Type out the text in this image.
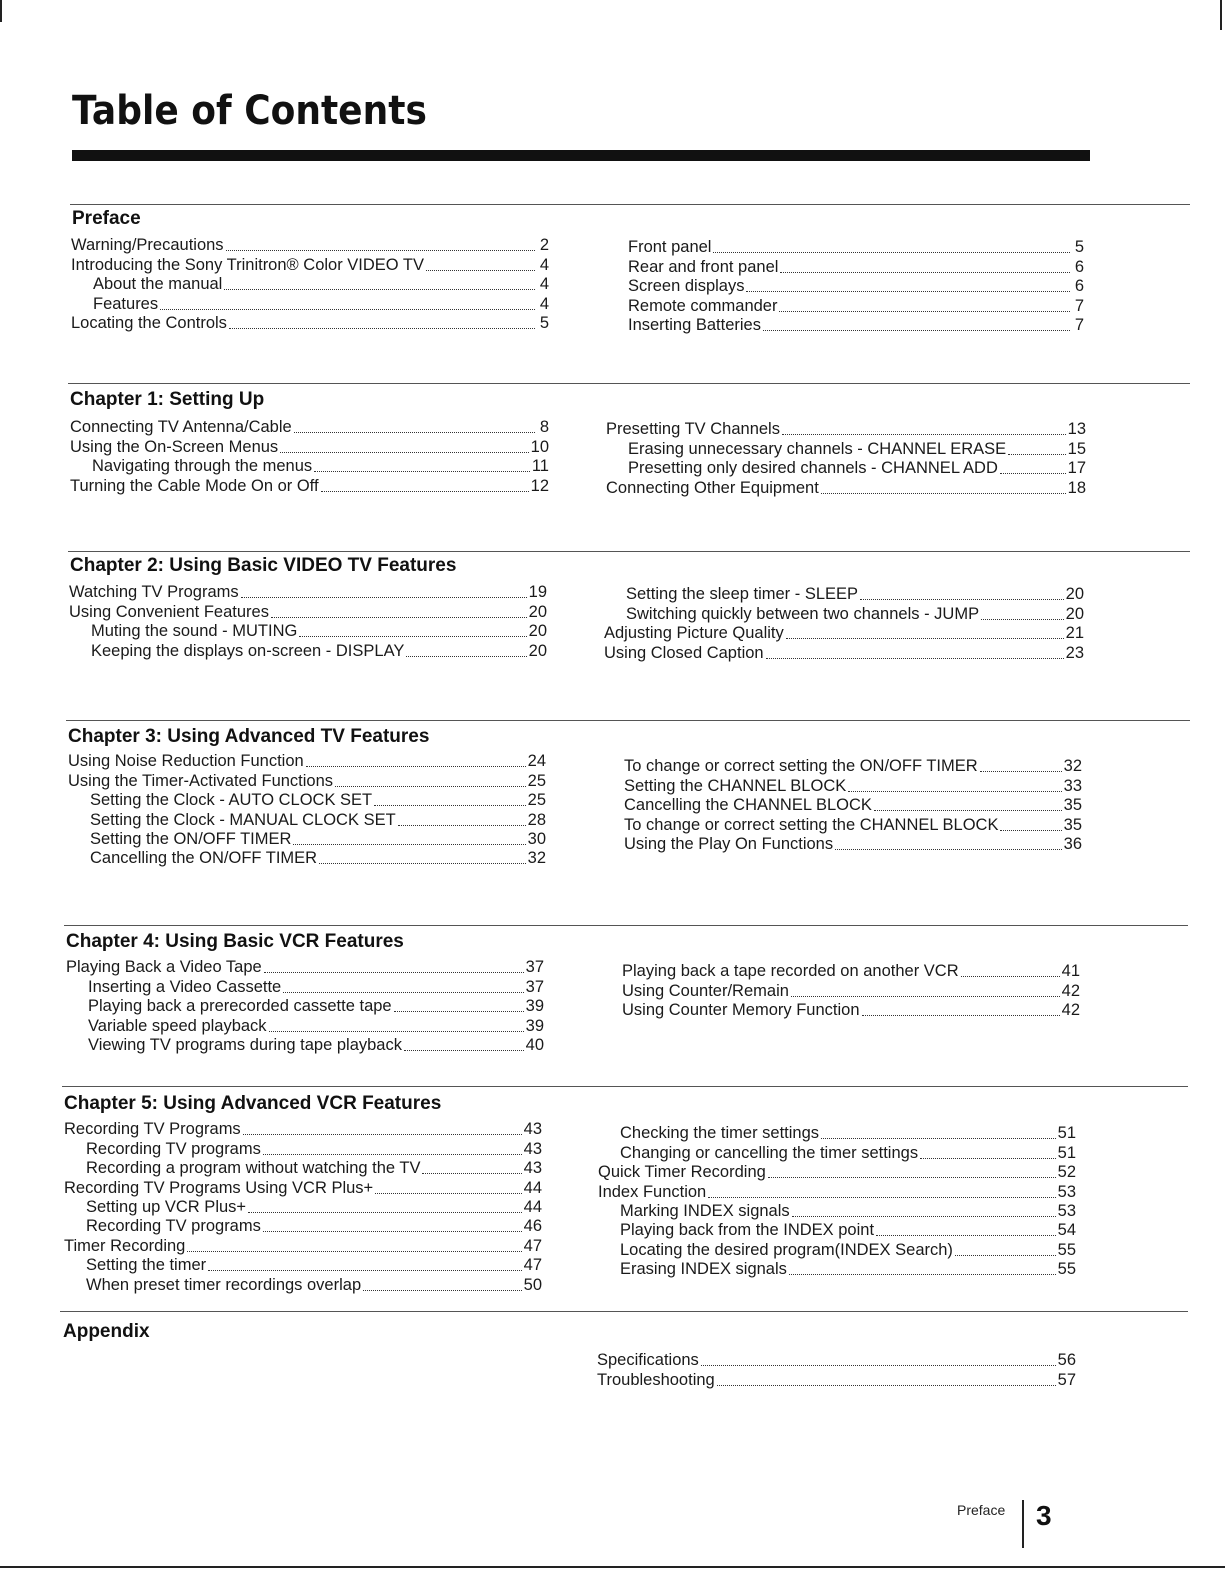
Table of Contents
Preface
Warning/Precautions	2
Introducing the Sony Trinitron® Color VIDEO TV	4
About the manual	4
Features	4
Locating the Controls	5
Front panel	5
Rear and front panel	6
Screen displays	6
Remote commander	7
Inserting Batteries	7
Chapter 1: Setting Up
Connecting TV Antenna/Cable	8
Using the On-Screen Menus	10
Navigating through the menus	11
Turning the Cable Mode On or Off	12
Presetting TV Channels	13
Erasing unnecessary channels - CHANNEL ERASE	15
Presetting only desired channels - CHANNEL ADD	17
Connecting Other Equipment	18
Chapter 2: Using Basic VIDEO TV Features
Watching TV Programs	19
Using Convenient Features	20
Muting the sound - MUTING	20
Keeping the displays on-screen - DISPLAY	20
Setting the sleep timer - SLEEP	20
Switching quickly between two channels - JUMP	20
Adjusting Picture Quality	21
Using Closed Caption	23
Chapter 3: Using Advanced TV Features
Using Noise Reduction Function	24
Using the Timer-Activated Functions	25
Setting the Clock - AUTO CLOCK SET	25
Setting the Clock - MANUAL CLOCK SET	28
Setting the ON/OFF TIMER	30
Cancelling the ON/OFF TIMER	32
To change or correct setting the ON/OFF TIMER	32
Setting the CHANNEL BLOCK	33
Cancelling the CHANNEL BLOCK	35
To change or correct setting the CHANNEL BLOCK	35
Using the Play On Functions	36
Chapter 4: Using Basic VCR Features
Playing Back a Video Tape	37
Inserting a Video Cassette	37
Playing back a prerecorded cassette tape	39
Variable speed playback	39
Viewing TV programs during tape playback	40
Playing back a tape recorded on another VCR	41
Using Counter/Remain	42
Using Counter Memory Function	42
Chapter 5: Using Advanced VCR Features
Recording TV Programs	43
Recording TV programs	43
Recording a program without watching the TV	43
Recording TV Programs Using VCR Plus+	44
Setting up VCR Plus+	44
Recording TV programs	46
Timer Recording	47
Setting the timer	47
When preset timer recordings overlap	50
Checking the timer settings	51
Changing or cancelling the timer settings	51
Quick Timer Recording	52
Index Function	53
Marking INDEX signals	53
Playing back from the INDEX point	54
Locating the desired program(INDEX Search)	55
Erasing INDEX signals	55
Appendix
Specifications	56
Troubleshooting	57
Preface 3
